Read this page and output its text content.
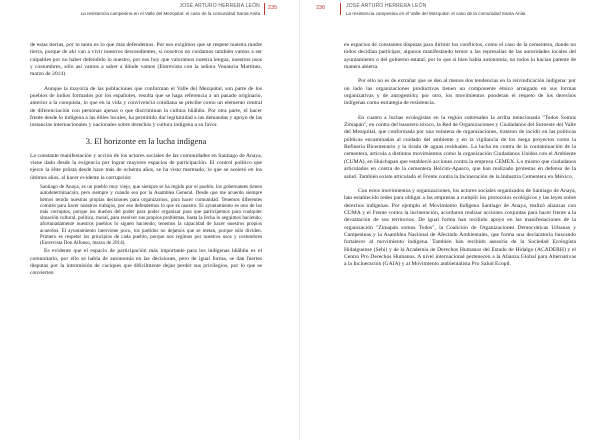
JOSÉ ARTURO HERRERA LEÓN
La resistencia campesina en el Valle del Mezquital: el caso de la comunidad Santa Anita
235

de estas tierras, por lo tanto es lo que más defendemos. Por eso exigimos que se respete nuestra madre tierra, porque de ahí van a vivir nuestros descendientes, si nosotros no cuidamos también vamos a ser culpables por no haber defendido lo nuestro, por eso hoy que valoramos nuestra lengua, nuestros usos y costumbres, sólo así vamos a saber a dónde vamos (Entrevista con la señora Venancia Martínez, marzo de 2014).

Aunque la mayoría de las poblaciones que conforman el Valle del Mezquital, son parte de los pueblos de indios formados por los españoles, resulta que se haga referencia a un pasado originario, anterior a la conquista, lo que en la vida y convivencia cotidiana se precibe como un elemento central de diferenciación con personas ajenas o que discriminan la cultura hñähñu. Por otra parte, el hacer frente desde lo indígena a las élites locales, ha permitido dar legitimidad a las demandas y apoyo de las instancias internacionales y nacionales sobre derechos y cultura indígena a su favor.

3. El horizonte en la lucha indígena

La constante manifestación y acción de los actores sociales de las comunidades en Santiago de Anaya, viene dado desde la exigencia por lograr mayores espacios de participación. El control político que ejerce la élite priista desde hace más de ochenta años, se ha visto mermado, lo que se aceleró en los últimos años, al hacer evidente la corrupción:

Santiago de Anaya, es un pueblo muy viejo, que siempre se ha regido por el pueblo, los gobernantes tienen autodeterminación, pero siempre y cuando sea por la Asamblea General. Desde que me acuerdo siempre hemos tenido nuestras propias decisiones para organizarnos, para hacer comunidad. Tenemos diferentes comités para hacer nuestros trabajos, por eso defendemos lo que es nuestro. El ayuntamiento es uno de los más corruptos, porque los dueños del poder para poder organizar para que participemos para cualquier situación cultural, política, moral, para resolver sus propios problemas, hasta la fecha lo seguimos haciendo, afortunadamente nuestros pueblos lo siguen haciendo, tenemos la capacidad de hacer nuestros propios acuerdos. El ayuntamiento interviene poco, los partidos no dejamos que se metan, porque sólo dividen. Primero es respetar los principios de cada pueblo, porque nos regimos por nuestros usos y costumbres (Entrevista Don Alfonso, marzo de 2014).

Es evidente que el espacio de participación más importante para los indígenas hñähñu es el comunitario, por ello se habla de autonomía en las decisiones, pero de igual forma, se dan fuertes disputas por la intromisión de caciques que difícilmente dejan perder sus privilegios, por lo que se convierten

236	JOSÉ ARTURO HERRERA LEÓN
La resistencia campesina en el Valle del Mezquital: el caso de la comunidad Santa Anita

en espacios de constantes disputas para dirimir los conflictos, como el caso de la cementera, donde no todos decidían participar, algunos manifestando temor a las represalias de las autoridades locales del ayuntamiento o del gobierno estatal, por lo que si bien había autonomía, no todos lo hacían patente de manera abierta.

Por ello no es de extrañar que se den al menos dos tendencias en la reivindicación indígena: por un lado las organizaciones productivas tienen un componente étnico arraigado en sus formas organizativas y de autogestión; por otro, los movimientos ponderan el respeto de los derechos indígenas como estrategia de resistencia.

En cuanto a luchas ecologistas en la región sobresalen la arriba mencionada "Todos Somos Zimapán", en contra del basurero tóxico, la Red de Organizaciones y Ciudadanos del Suroeste del Valle del Mezquital, que conformada por una veintena de organizaciones, trataron de incidir en las políticas públicas encaminadas al cuidado del ambiente y en la vigilancia de los mega proyectos como la Refinería Bicentenario y la tirada de aguas residuales. La lucha en contra de la contaminación de la cementera, articula a distintos movimientos como la organización Ciudadanos Unidos con el Ambiente (CUMA), en Huichapan que estableció acciones contra la empresa CEMEX. Lo mismo que ciudadanos articulados en contra de la cementera Holcim-Apasco, que han realizado protestas en defensa de la salud. También existe articulado el Frente contra la Incineración de la Industria Cementera en México.

Con estos movimientos y organizaciones, los actores sociales organizados de Santiago de Anaya, han establecido redes para obligar a las empresas a cumplir los protocolos ecológicos y las leyes sobre derechos indígenas. Por ejemplo el Movimiento Indígena Santiago de Anaya, realizó alianzas con CUMA y el Frente contra la incineración, acordaron realizar acciones conjuntas para hacer frente a la devastación de sus territorios. De igual forma han recibido apoyo en las manifestaciones de la organización "Zimapán somos Todos", la Coalición de Organizaciones Democráticas Urbanas y Campesinas y la Asamblea Nacional de Afectado Ambientales, que forma una declaratoria buscando fortalecer al movimiento indígena. También han recibido asesoría de la Sociedad Ecologista Hidalguense (Sehi) y de la Academia de Derechos Humanos del Estado de Hidalgo (ACADERH) y el Centro Pro Derechos Humanos. A nivel internacional pertenecen a la Alianza Global para Alternativas a la Incineración (GAIA) y al Movimiento ambientalista Pro Salud Ecopil.
